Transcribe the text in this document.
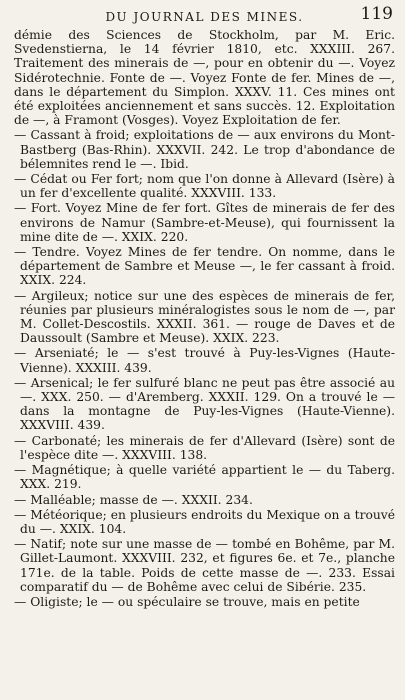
DU JOURNAL DES MINES.	119

démie des Sciences de Stockholm, par M. Eric. Svedenstierna, le 14 février 1810, etc. XXXIII. 267. Traitement des minerais de —, pour en obtenir du —. Voyez Sidérotechnie. Fonte de —. Voyez Fonte de fer. Mines de —, dans le département du Simplon. XXXV. 11. Ces mines ont été exploitées anciennement et sans succès. 12. Exploitation de —, à Framont (Vosges). Voyez Exploitation de fer.

— Cassant à froid; exploitations de — aux environs du Mont-Bastberg (Bas-Rhin). XXXVII. 242. Le trop d'abondance de bélemnites rend le —. Ibid.

— Cédat ou Fer fort; nom que l'on donne à Allevard (Isère) à un fer d'excellente qualité. XXXVIII. 133.

— Fort. Voyez Mine de fer fort. Gîtes de minerais de fer des environs de Namur (Sambre-et-Meuse), qui fournissent la mine dite de —. XXIX. 220.

— Tendre. Voyez Mines de fer tendre. On nomme, dans le département de Sambre et Meuse —, le fer cassant à froid. XXIX. 224.

— Argileux; notice sur une des espèces de minerais de fer, réunies par plusieurs minéralogistes sous le nom de —, par M. Collet-Descostils. XXXII. 361. — rouge de Daves et de Daussoult (Sambre et Meuse). XXIX. 223.

— Arseniaté; le — s'est trouvé à Puy-les-Vignes (Haute-Vienne). XXXIII. 439.

— Arsenical; le fer sulfuré blanc ne peut pas être associé au —. XXX. 250. — d'Aremberg. XXXII. 129. On a trouvé le — dans la montagne de Puy-les-Vignes (Haute-Vienne). XXXVIII. 439.

— Carbonaté; les minerais de fer d'Allevard (Isère) sont de l'espèce dite —. XXXVIII. 138.

— Magnétique; à quelle variété appartient le — du Taberg. XXX. 219.

— Malléable; masse de —. XXXII. 234.

— Météorique; en plusieurs endroits du Mexique on a trouvé du —. XXIX. 104.

— Natif; note sur une masse de — tombé en Bohême, par M. Gillet-Laumont. XXXVIII. 232, et figures 6e. et 7e., planche 171e. de la table. Poids de cette masse de —. 233. Essai comparatif du — de Bohême avec celui de Sibérie. 235.

— Oligiste; le — ou spéculaire se trouve, mais en petite
